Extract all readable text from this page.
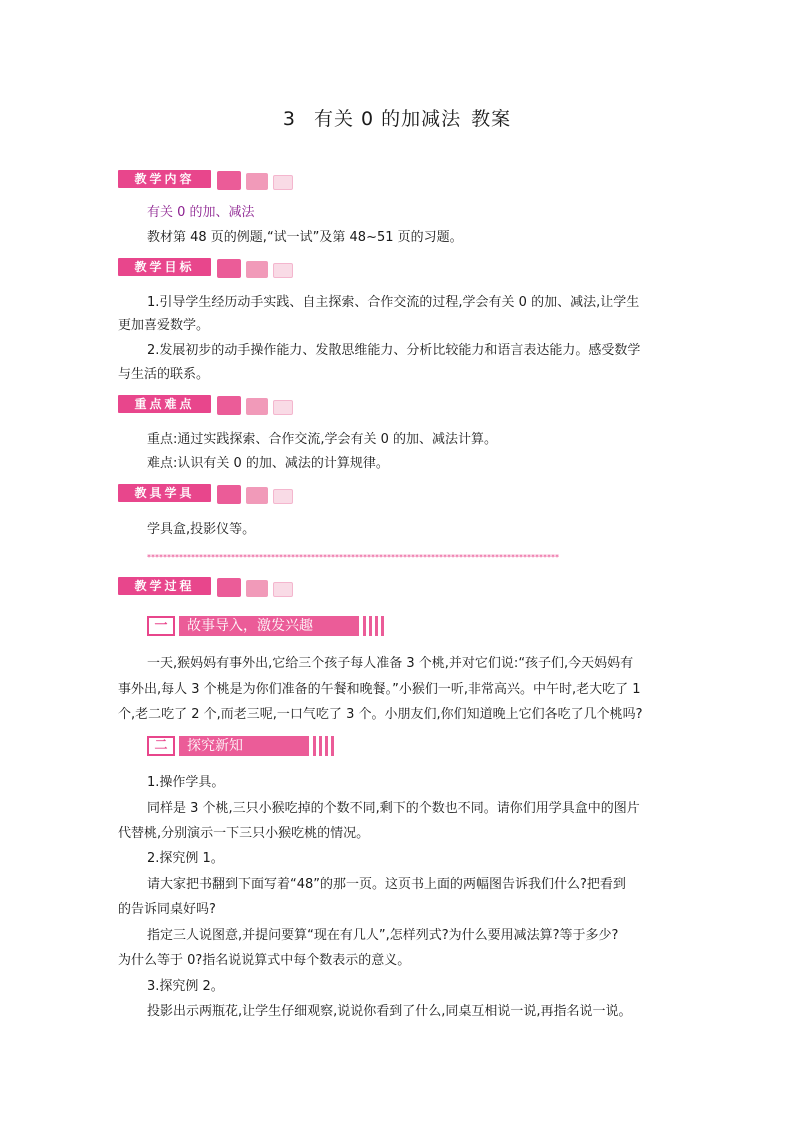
3 有关 0 的加减法 教案
教学内容
有关 0 的加、减法
教材第 48 页的例题,“试一试”及第 48~51 页的习题。
教学目标
1.引导学生经历动手实践、自主探索、合作交流的过程,学会有关 0 的加、减法,让学生
更加喜爱数学。
2.发展初步的动手操作能力、发散思维能力、分析比较能力和语言表达能力。感受数学
与生活的联系。
重点难点
重点:通过实践探索、合作交流,学会有关 0 的加、减法计算。
难点:认识有关 0 的加、减法的计算规律。
教具学具
学具盒,投影仪等。
*******************************************************************************************************
教学过程
一	故事导入，激发兴趣
一天,猴妈妈有事外出,它给三个孩子每人准备 3 个桃,并对它们说:“孩子们,今天妈妈有
事外出,每人 3 个桃是为你们准备的午餐和晚餐。”小猴们一听,非常高兴。中午时,老大吃了 1
个,老二吃了 2 个,而老三呢,一口气吃了 3 个。小朋友们,你们知道晚上它们各吃了几个桃吗?
二	探究新知
1.操作学具。
同样是 3 个桃,三只小猴吃掉的个数不同,剩下的个数也不同。请你们用学具盒中的图片
代替桃,分别演示一下三只小猴吃桃的情况。
2.探究例 1。
请大家把书翻到下面写着“48”的那一页。这页书上面的两幅图告诉我们什么?把看到
的告诉同桌好吗?
指定三人说图意,并提问要算“现在有几人”,怎样列式?为什么要用减法算?等于多少?
为什么等于 0?指名说说算式中每个数表示的意义。
3.探究例 2。
投影出示两瓶花,让学生仔细观察,说说你看到了什么,同桌互相说一说,再指名说一说。
